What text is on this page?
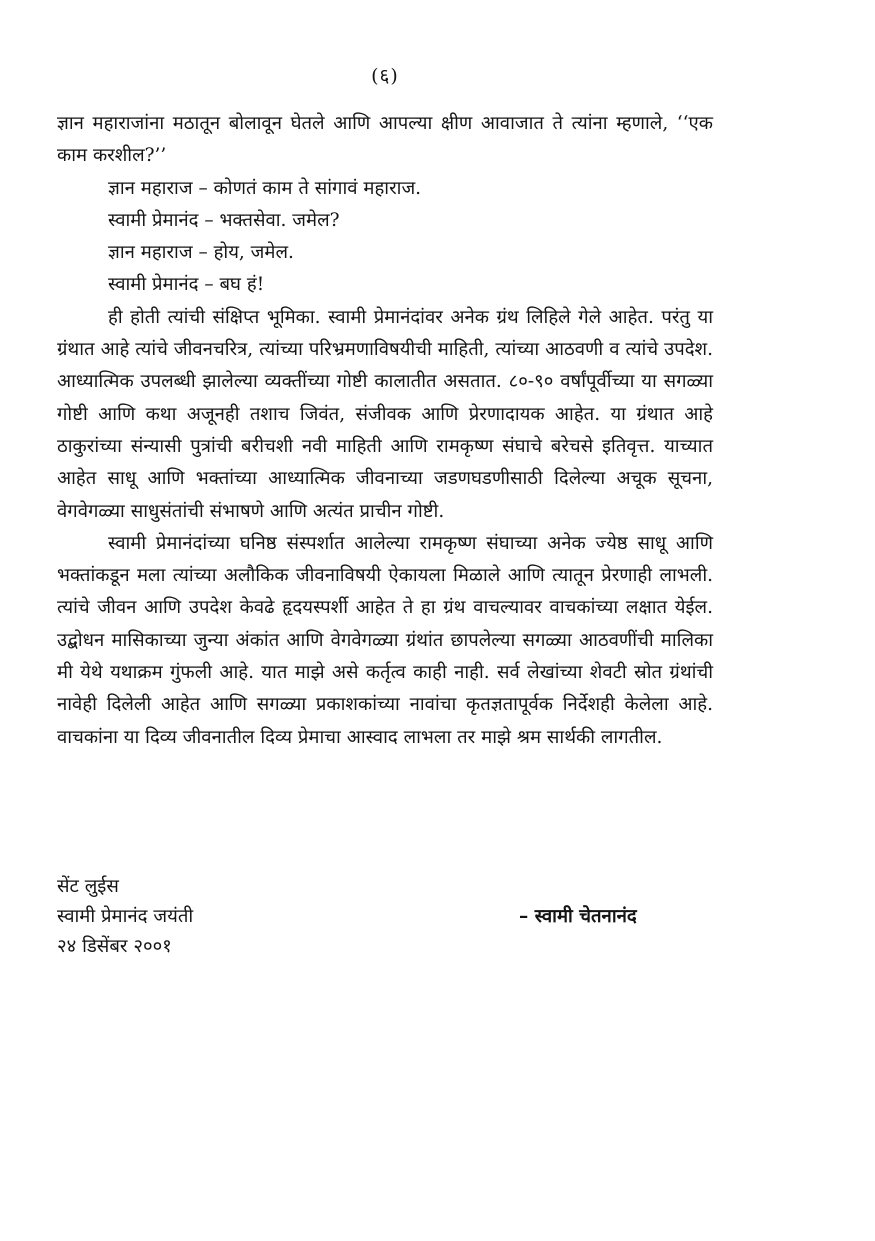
(६)

ज्ञान महाराजांना मठातून बोलावून घेतले आणि आपल्या क्षीण आवाजात ते त्यांना म्हणाले, ‘‘एक काम करशील?’’

ज्ञान महाराज – कोणतं काम ते सांगावं महाराज.

स्वामी प्रेमानंद – भक्तसेवा. जमेल?

ज्ञान महाराज – होय, जमेल.

स्वामी प्रेमानंद – बघ हं!

ही होती त्यांची संक्षिप्त भूमिका. स्वामी प्रेमानंदांवर अनेक ग्रंथ लिहिले गेले आहेत. परंतु या ग्रंथात आहे त्यांचे जीवनचरित्र, त्यांच्या परिभ्रमणाविषयीची माहिती, त्यांच्या आठवणी व त्यांचे उपदेश. आध्यात्मिक उपलब्धी झालेल्या व्यक्तींच्या गोष्टी कालातीत असतात. ८०-९० वर्षांपूर्वीच्या या सगळ्या गोष्टी आणि कथा अजूनही तशाच जिवंत, संजीवक आणि प्रेरणादायक आहेत. या ग्रंथात आहे ठाकुरांच्या संन्यासी पुत्रांची बरीचशी नवी माहिती आणि रामकृष्ण संघाचे बरेचसे इतिवृत्त. याच्यात आहेत साधू आणि भक्तांच्या आध्यात्मिक जीवनाच्या जडणघडणीसाठी दिलेल्या अचूक सूचना, वेगवेगळ्या साधुसंतांची संभाषणे आणि अत्यंत प्राचीन गोष्टी.

स्वामी प्रेमानंदांच्या घनिष्ठ संस्पर्शात आलेल्या रामकृष्ण संघाच्या अनेक ज्येष्ठ साधू आणि भक्तांकडून मला त्यांच्या अलौकिक जीवनाविषयी ऐकायला मिळाले आणि त्यातून प्रेरणाही लाभली. त्यांचे जीवन आणि उपदेश केवढे हृदयस्पर्शी आहेत ते हा ग्रंथ वाचल्यावर वाचकांच्या लक्षात येईल. उद्बोधन मासिकाच्या जुन्या अंकांत आणि वेगवेगळ्या ग्रंथांत छापलेल्या सगळ्या आठवणींची मालिका मी येथे यथाक्रम गुंफली आहे. यात माझे असे कर्तृत्व काही नाही. सर्व लेखांच्या शेवटी स्रोत ग्रंथांची नावेही दिलेली आहेत आणि सगळ्या प्रकाशकांच्या नावांचा कृतज्ञतापूर्वक निर्देशही केलेला आहे. वाचकांना या दिव्य जीवनातील दिव्य प्रेमाचा आस्वाद लाभला तर माझे श्रम सार्थकी लागतील.

सेंट लुईस
स्वामी प्रेमानंद जयंती	– स्वामी चेतनानंद
२४ डिसेंबर २००१
